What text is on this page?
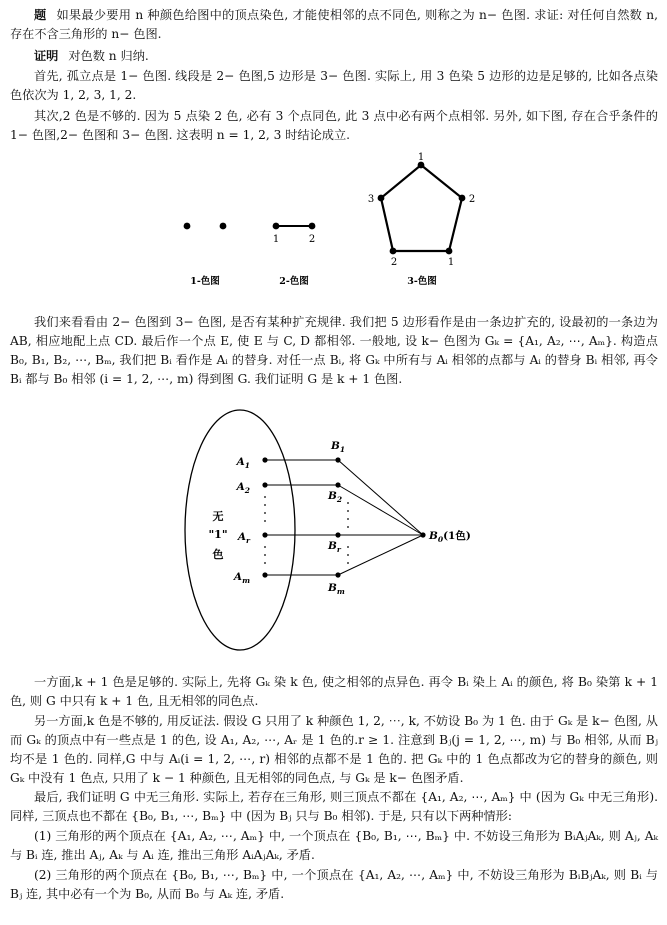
题 如果最少要用 n 种颜色给图中的顶点染色, 才能使相邻的点不同色, 则称之为 n− 色图. 求证: 对任何自然数 n, 存在不含三角形的 n− 色图.
证明 对色数 n 归纳.
首先, 孤立点是 1− 色图. 线段是 2− 色图,5 边形是 3− 色图. 实际上, 用 3 色染 5 边形的边是足够的, 比如各点染色依次为 1, 2, 3, 1, 2.
其次,2 色是不够的. 因为 5 点染 2 色, 必有 3 个点同色, 此 3 点中必有两个点相邻. 另外, 如下图, 存在合乎条件的 1− 色图,2− 色图和 3− 色图. 这表明 n = 1, 2, 3 时结论成立.
1	2
1
2
1
2
3
1-色图	2-色图	3-色图
我们来看看由 2− 色图到 3− 色图, 是否有某种扩充规律. 我们把 5 边形看作是由一条边扩充的, 设最初的一条边为 AB, 相应地配上点 CD. 最后作一个点 E, 使 E 与 C, D 都相邻. 一般地, 设 k− 色图为 Gₖ = {A₁, A₂, ⋯, Aₘ}. 构造点 B₀, B₁, B₂, ⋯, Bₘ, 我们把 Bᵢ 看作是 Aᵢ 的替身. 对任一点 Bᵢ, 将 Gₖ 中所有与 Aᵢ 相邻的点都与 Aᵢ 的替身 Bᵢ 相邻, 再令 Bᵢ 都与 B₀ 相邻 (i = 1, 2, ⋯, m) 得到图 G. 我们证明 G 是 k + 1 色图.
无
"1"
色
$A_1$
$A_2$
$A_r$
$A_m$
$B_1$
$B_2$
$B_r$
$B_m$
$B_0(1$色)
一方面,k + 1 色是足够的. 实际上, 先将 Gₖ 染 k 色, 使之相邻的点异色. 再令 Bᵢ 染上 Aᵢ 的颜色, 将 B₀ 染第 k + 1 色, 则 G 中只有 k + 1 色, 且无相邻的同色点.
另一方面,k 色是不够的, 用反证法. 假设 G 只用了 k 种颜色 1, 2, ⋯, k, 不妨设 B₀ 为 1 色. 由于 Gₖ 是 k− 色图, 从而 Gₖ 的顶点中有一些点是 1 的色, 设 A₁, A₂, ⋯, Aᵣ 是 1 色的.r ≥ 1. 注意到 Bⱼ(j = 1, 2, ⋯, m) 与 B₀ 相邻, 从而 Bⱼ 均不是 1 色的. 同样,G 中与 Aᵢ(i = 1, 2, ⋯, r) 相邻的点都不是 1 色的. 把 Gₖ 中的 1 色点都改为它的替身的颜色, 则 Gₖ 中没有 1 色点, 只用了 k − 1 种颜色, 且无相邻的同色点, 与 Gₖ 是 k− 色图矛盾.
最后, 我们证明 G 中无三角形. 实际上, 若存在三角形, 则三顶点不都在 {A₁, A₂, ⋯, Aₘ} 中 (因为 Gₖ 中无三角形). 同样, 三顶点也不都在 {B₀, B₁, ⋯, Bₘ} 中 (因为 Bⱼ 只与 B₀ 相邻). 于是, 只有以下两种情形:
(1) 三角形的两个顶点在 {A₁, A₂, ⋯, Aₘ} 中, 一个顶点在 {B₀, B₁, ⋯, Bₘ} 中. 不妨设三角形为 BᵢAⱼAₖ, 则 Aⱼ, Aₖ 与 Bᵢ 连, 推出 Aⱼ, Aₖ 与 Aᵢ 连, 推出三角形 AᵢAⱼAₖ, 矛盾.
(2) 三角形的两个顶点在 {B₀, B₁, ⋯, Bₘ} 中, 一个顶点在 {A₁, A₂, ⋯, Aₘ} 中, 不妨设三角形为 BᵢBⱼAₖ, 则 Bᵢ 与 Bⱼ 连, 其中必有一个为 B₀, 从而 B₀ 与 Aₖ 连, 矛盾.
